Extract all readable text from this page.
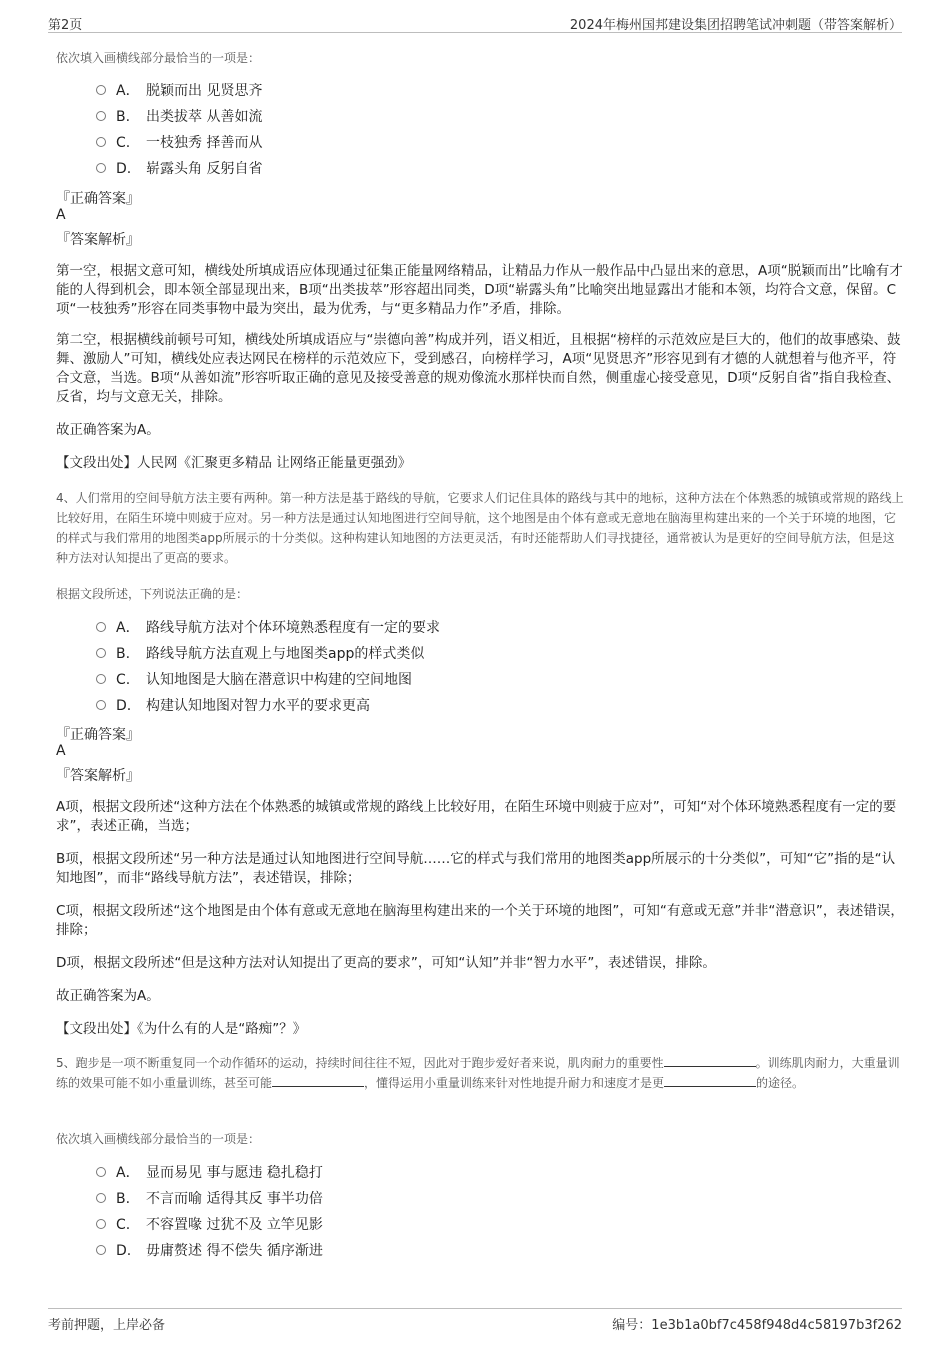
第2页	2024年梅州国邦建设集团招聘笔试冲刺题（带答案解析）
依次填入画横线部分最恰当的一项是：
A． 脱颖而出 见贤思齐
B. 出类拔萃 从善如流
C. 一枝独秀 择善而从
D. 崭露头角 反躬自省
『正确答案』
A
『答案解析』
第一空，根据文意可知，横线处所填成语应体现通过征集正能量网络精品，让精品力作从一般作品中凸显出来的意思，A项“脱颖而出”比喻有才能的人得到机会，即本领全部显现出来，B项“出类拔萃”形容超出同类，D项“崭露头角”比喻突出地显露出才能和本领，均符合文意，保留。C项“一枝独秀”形容在同类事物中最为突出，最为优秀，与“更多精品力作”矛盾，排除。
第二空，根据横线前顿号可知，横线处所填成语应与“崇德向善”构成并列，语义相近，且根据“榜样的示范效应是巨大的，他们的故事感染、鼓舞、激励人”可知，横线处应表达网民在榜样的示范效应下，受到感召，向榜样学习，A项“见贤思齐”形容见到有才德的人就想着与他齐平，符合文意，当选。B项“从善如流”形容听取正确的意见及接受善意的规劝像流水那样快而自然，侧重虚心接受意见，D项“反躬自省”指自我检查、反省，均与文意无关，排除。
故正确答案为A。
【文段出处】人民网《汇聚更多精品 让网络正能量更强劲》
4、人们常用的空间导航方法主要有两种。第一种方法是基于路线的导航，它要求人们记住具体的路线与其中的地标，这种方法在个体熟悉的城镇或常规的路线上比较好用，在陌生环境中则疲于应对。另一种方法是通过认知地图进行空间导航，这个地图是由个体有意或无意地在脑海里构建出来的一个关于环境的地图，它的样式与我们常用的地图类app所展示的十分类似。这种构建认知地图的方法更灵活，有时还能帮助人们寻找捷径，通常被认为是更好的空间导航方法，但是这种方法对认知提出了更高的要求。
根据文段所述，下列说法正确的是：
A． 路线导航方法对个体环境熟悉程度有一定的要求
B. 路线导航方法直观上与地图类app的样式类似
C. 认知地图是大脑在潜意识中构建的空间地图
D. 构建认知地图对智力水平的要求更高
『正确答案』
A
『答案解析』
A项，根据文段所述“这种方法在个体熟悉的城镇或常规的路线上比较好用，在陌生环境中则疲于应对”，可知“对个体环境熟悉程度有一定的要求”，表述正确，当选；
B项，根据文段所述“另一种方法是通过认知地图进行空间导航……它的样式与我们常用的地图类app所展示的十分类似”，可知“它”指的是“认知地图”，而非“路线导航方法”，表述错误，排除；
C项，根据文段所述“这个地图是由个体有意或无意地在脑海里构建出来的一个关于环境的地图”，可知“有意或无意”并非“潜意识”，表述错误，排除；
D项，根据文段所述“但是这种方法对认知提出了更高的要求”，可知“认知”并非“智力水平”，表述错误，排除。
故正确答案为A。
【文段出处】《为什么有的人是“路痴”？》
5、跑步是一项不断重复同一个动作循环的运动，持续时间往往不短，因此对于跑步爱好者来说，肌肉耐力的重要性	。训练肌肉耐力，大重量训练的效果可能不如小重量训练，甚至可能	，懂得运用小重量训练来针对性地提升耐力和速度才是更	的途径。
依次填入画横线部分最恰当的一项是：
A． 显而易见 事与愿违 稳扎稳打
B. 不言而喻 适得其反 事半功倍
C. 不容置喙 过犹不及 立竿见影
D. 毋庸赘述 得不偿失 循序渐进
考前押题，上岸必备	编号：1e3b1a0bf7c458f948d4c58197b3f262
